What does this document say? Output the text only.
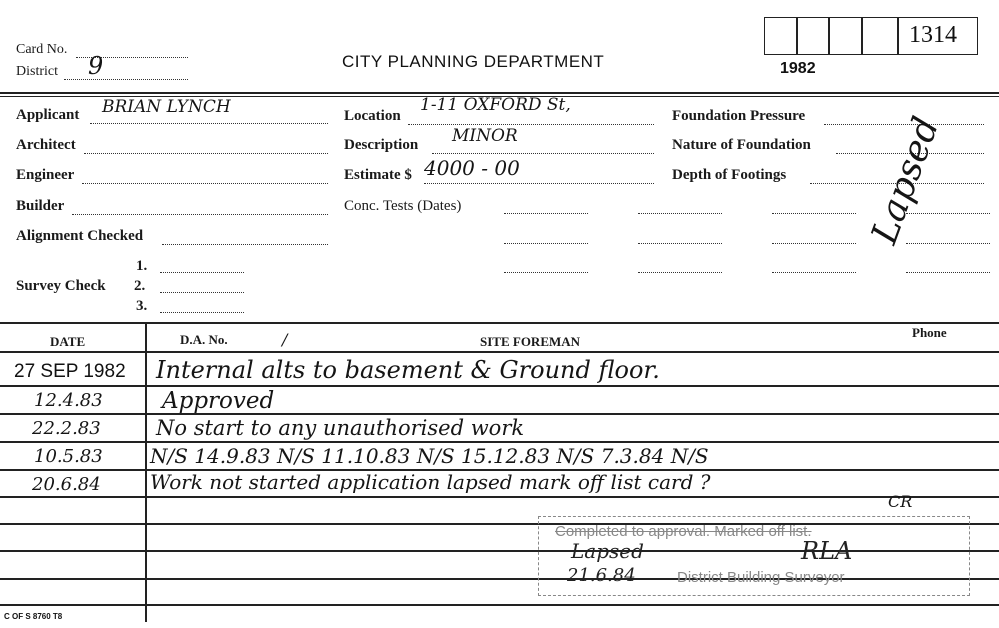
Card No.
District 9	CITY PLANNING DEPARTMENT
1314
1982
Applicant BRIAN LYNCH
Architect
Engineer
Builder
Alignment Checked
Survey Check
1.
2.
3.
Location
1-11 OXFORD St,
Description MINOR
Estimate $ 4000 - 00
Conc. Tests (Dates)
Foundation Pressure
Nature of Foundation
Depth of Footings Lapsed
DATE	D.A. No.	/	SITE FOREMAN
Phone
27 SEP 1982 Internal alts to basement & Ground floor.
12.4.83	Approved
22.2.83	No start to any unauthorised work
10.5.83 N/S 14.9.83 N/S 11.10.83 N/S 15.12.83 N/S 7.3.84 N/S
20.6.84 Work not started application lapsed mark off list card ?
CR
Completed to approval. Marked off list.
Lapsed	RLA
21.6.84	District Building Surveyor
C OF S 8760 T8
